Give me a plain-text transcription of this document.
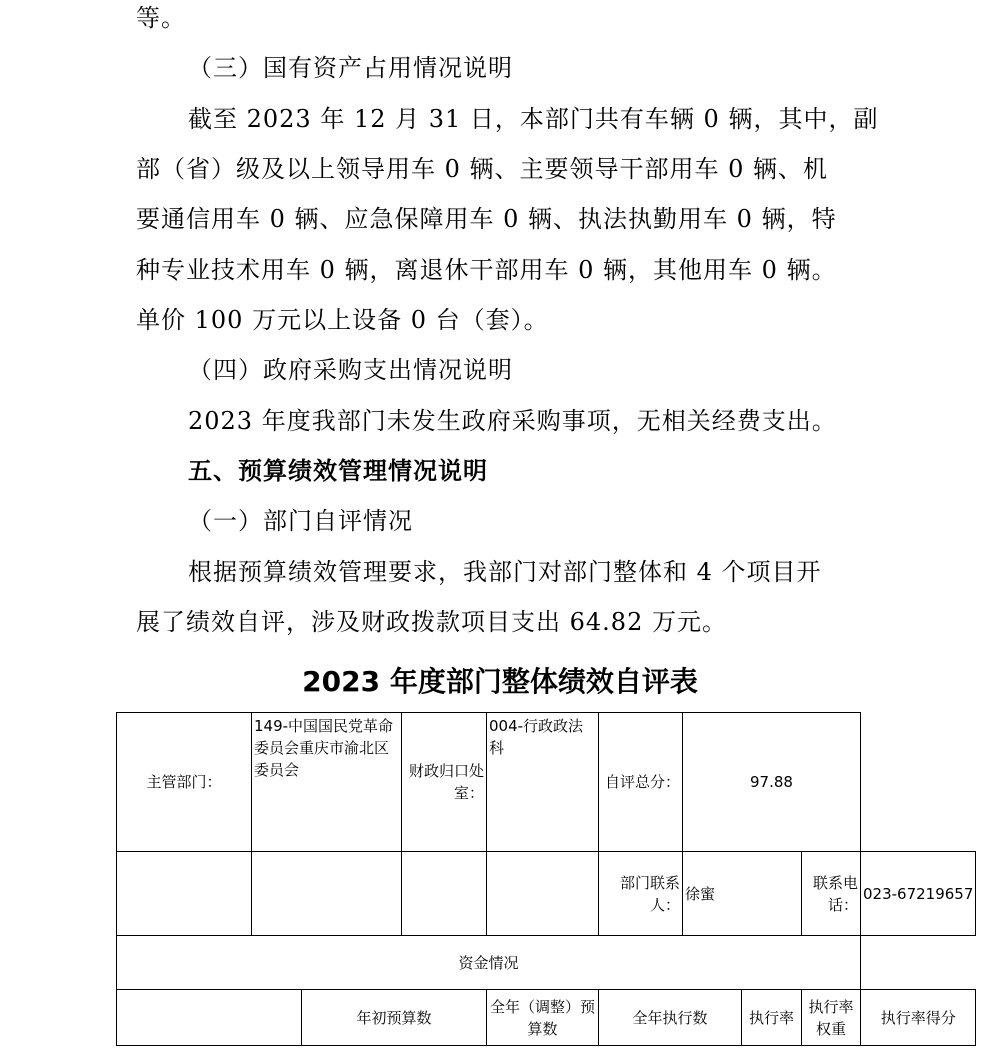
等。
（三）国有资产占用情况说明
截至 2023 年 12 月 31 日，本部门共有车辆 0 辆，其中，副
部（省）级及以上领导用车 0 辆、主要领导干部用车 0 辆、机
要通信用车 0 辆、应急保障用车 0 辆、执法执勤用车 0 辆，特
种专业技术用车 0 辆，离退休干部用车 0 辆，其他用车 0 辆。
单价 100 万元以上设备 0 台（套）。
（四）政府采购支出情况说明
2023 年度我部门未发生政府采购事项，无相关经费支出。
五、预算绩效管理情况说明
（一）部门自评情况
根据预算绩效管理要求，我部门对部门整体和 4 个项目开
展了绩效自评，涉及财政拨款项目支出 64.82 万元。
2023 年度部门整体绩效自评表
主管部门：	149-中国国民党革命委员会重庆市渝北区委员会		财政归口处室：	004-行政政法科	自评总分：	97.88			
					部门联系人：	徐蜜		联系电话：	023-67219657
资金情况									
		年初预算数		全年（调整）预算数	全年执行数		执行率	执行率权重	执行率得分
